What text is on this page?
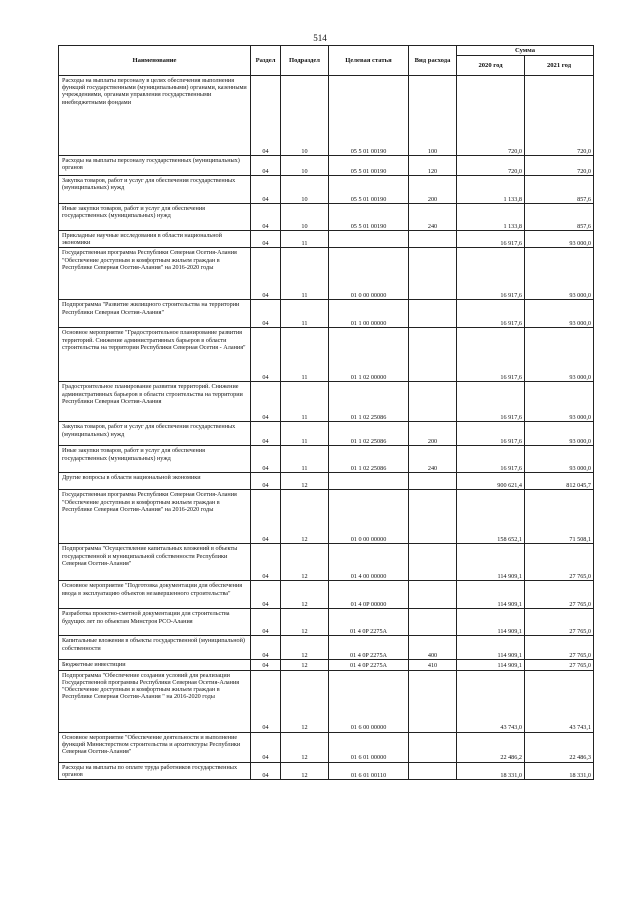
514
Наименование	Раздел	Подраздел	Целевая статья	Вид расхода	Сумма	
					2020 год	2021 год
Расходы на выплаты персоналу в целях обеспечения выполнения функций государственными (муниципальными) органами, казенными учреждениями, органами управления государственными внебюджетными фондами	04	10	05 5 01 00190	100	720,0	720,0
Расходы на выплаты персоналу государственных (муниципальных) органов	04	10	05 5 01 00190	120	720,0	720,0
Закупка товаров, работ и услуг для обеспечения государственных (муниципальных) нужд	04	10	05 5 01 00190	200	1 133,8	857,6
Иные закупки товаров, работ и услуг для обеспечения государственных (муниципальных) нужд	04	10	05 5 01 00190	240	1 133,8	857,6
Прикладные научные исследования в области национальной экономики	04	11			16 917,6	93 000,0
Государственная программа Республики Северная Осетия-Алания "Обеспечение доступным и комфортным жильем граждан в Республике Северная Осетия-Алания" на 2016-2020 годы	04	11	01 0 00 00000		16 917,6	93 000,0
Подпрограмма "Развитие жилищного строительства на территории Республики Северная Осетия-Алания"	04	11	01 1 00 00000		16 917,6	93 000,0
Основное мероприятие "Градостроительное планирование развития территорий. Снижение административных барьеров в области строительства на территории Республики Северная Осетия - Алания"	04	11	01 1 02 00000		16 917,6	93 000,0
Градостроительное планирование развития территорий. Снижение административных барьеров в области строительства на территории Республики Северная Осетия-Алания	04	11	01 1 02 25086		16 917,6	93 000,0
Закупка товаров, работ и услуг для обеспечения государственных (муниципальных) нужд	04	11	01 1 02 25086	200	16 917,6	93 000,0
Иные закупки товаров, работ и услуг для обеспечения государственных (муниципальных) нужд	04	11	01 1 02 25086	240	16 917,6	93 000,0
Другие вопросы в области национальной экономики	04	12			900 621,4	812 045,7
Государственная программа Республики Северная Осетия-Алания "Обеспечение доступным и комфортным жильем граждан в Республике Северная Осетия-Алания" на 2016-2020 годы	04	12	01 0 00 00000		158 652,1	71 508,1
Подпрограмма "Осуществление капитальных вложений в объекты государственной и муниципальной собственности Республики Северная Осетия-Алания"	04	12	01 4 00 00000		114 909,1	27 765,0
Основное мероприятие "Подготовка документации для обеспечения ввода в эксплуатацию объектов незавершенного строительства"	04	12	01 4 0P 00000		114 909,1	27 765,0
Разработка проектно-сметной документации для строительства будущих лет по объектам Минстроя РСО-Алания	04	12	01 4 0P 2275А		114 909,1	27 765,0
Капитальные вложения в объекты государственной (муниципальной) собственности	04	12	01 4 0P 2275А	400	114 909,1	27 765,0
Бюджетные инвестиции	04	12	01 4 0P 2275А	410	114 909,1	27 765,0
Подпрограмма "Обеспечение создания условий для реализации Государственной программы Республики Северная Осетия-Алания "Обеспечение доступным и комфортным жильем граждан в Республике Северная Осетия-Алания " на 2016-2020 годы	04	12	01 6 00 00000		43 743,0	43 743,1
Основное мероприятие "Обеспечение деятельности и выполнение функций Министерством строительства и архитектуры Республики Северная Осетия-Алания"	04	12	01 6 01 00000		22 486,2	22 486,3
Расходы на выплаты по оплате труда работников государственных органов	04	12	01 6 01 00110		18 331,0	18 331,0
